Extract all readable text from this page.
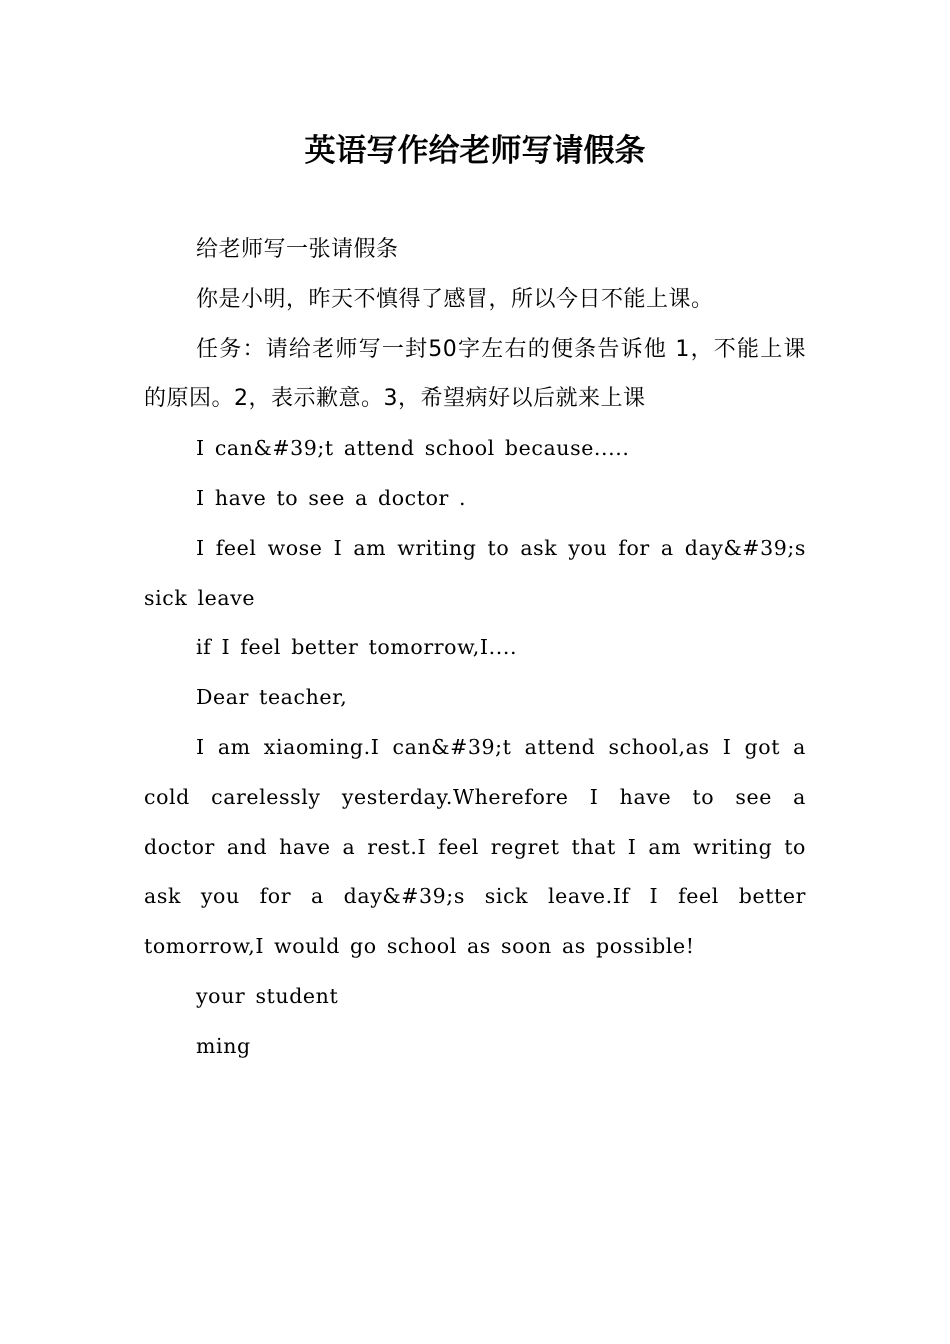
英语写作给老师写请假条

给老师写一张请假条

你是小明，昨天不慎得了感冒，所以今日不能上课。

任务：请给老师写一封50字左右的便条告诉他 1，不能上课的原因。2，表示歉意。3，希望病好以后就来上课

I can&#39;t attend school because.....

I have to see a doctor .

I feel wose I am writing to ask you for a day&#39;s sick leave

if I feel better tomorrow,I....

Dear teacher,

I am xiaoming.I can&#39;t attend school,as I got a cold carelessly yesterday.Wherefore I have to see a doctor and have a rest.I feel regret that I am writing to ask you for a day&#39;s sick leave.If I feel better tomorrow,I would go school as soon as possible!

your student

ming
